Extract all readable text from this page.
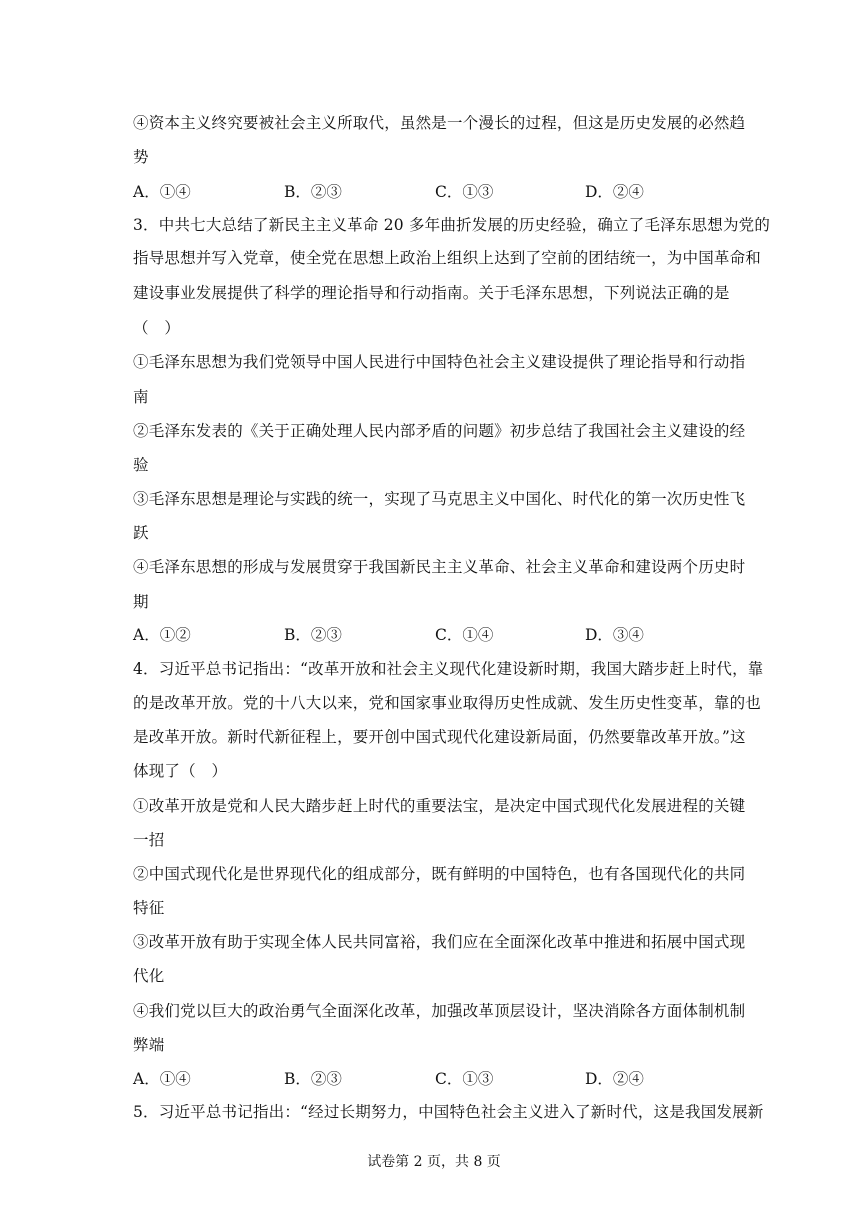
④资本主义终究要被社会主义所取代，虽然是一个漫长的过程，但这是历史发展的必然趋
势
A．①④	B．②③	C．①③	D．②④
3．中共七大总结了新民主主义革命 20 多年曲折发展的历史经验，确立了毛泽东思想为党的
指导思想并写入党章，使全党在思想上政治上组织上达到了空前的团结统一，为中国革命和
建设事业发展提供了科学的理论指导和行动指南。关于毛泽东思想，下列说法正确的是
（　）
①毛泽东思想为我们党领导中国人民进行中国特色社会主义建设提供了理论指导和行动指
南
②毛泽东发表的《关于正确处理人民内部矛盾的问题》初步总结了我国社会主义建设的经
验
③毛泽东思想是理论与实践的统一，实现了马克思主义中国化、时代化的第一次历史性飞
跃
④毛泽东思想的形成与发展贯穿于我国新民主主义革命、社会主义革命和建设两个历史时
期
A．①②	B．②③	C．①④	D．③④
4．习近平总书记指出：“改革开放和社会主义现代化建设新时期，我国大踏步赶上时代，靠
的是改革开放。党的十八大以来，党和国家事业取得历史性成就、发生历史性变革，靠的也
是改革开放。新时代新征程上，要开创中国式现代化建设新局面，仍然要靠改革开放。”这
体现了（　）
①改革开放是党和人民大踏步赶上时代的重要法宝，是决定中国式现代化发展进程的关键
一招
②中国式现代化是世界现代化的组成部分，既有鲜明的中国特色，也有各国现代化的共同
特征
③改革开放有助于实现全体人民共同富裕，我们应在全面深化改革中推进和拓展中国式现
代化
④我们党以巨大的政治勇气全面深化改革，加强改革顶层设计，坚决消除各方面体制机制
弊端
A．①④	B．②③	C．①③	D．②④
5．习近平总书记指出：“经过长期努力，中国特色社会主义进入了新时代，这是我国发展新
试卷第 2 页，共 8 页
